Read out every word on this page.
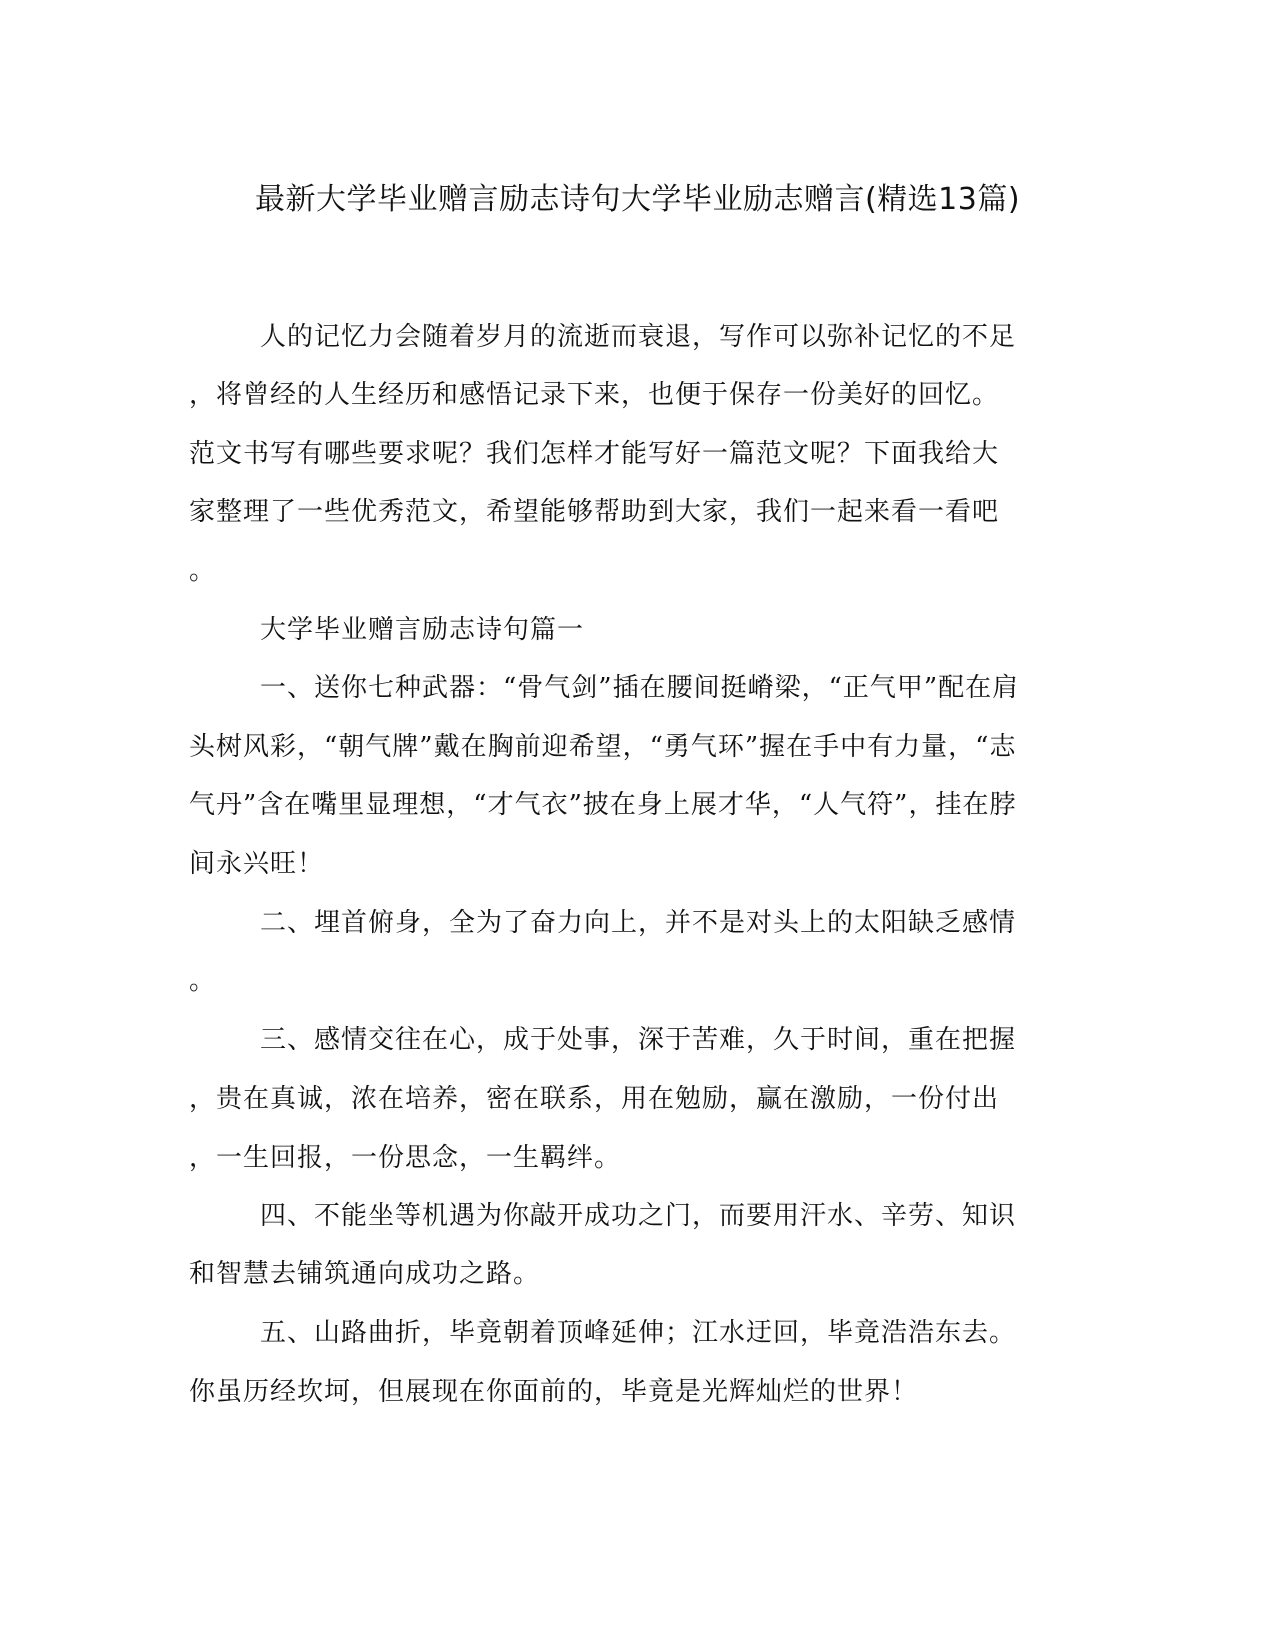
最新大学毕业赠言励志诗句大学毕业励志赠言(精选13篇)

人的记忆力会随着岁月的流逝而衰退，写作可以弥补记忆的不足

，将曾经的人生经历和感悟记录下来，也便于保存一份美好的回忆。

范文书写有哪些要求呢？我们怎样才能写好一篇范文呢？下面我给大

家整理了一些优秀范文，希望能够帮助到大家，我们一起来看一看吧

。

大学毕业赠言励志诗句篇一

一、送你七种武器：“骨气剑”插在腰间挺嵴梁，“正气甲”配在肩

头树风彩，“朝气牌”戴在胸前迎希望，“勇气环”握在手中有力量，“志

气丹”含在嘴里显理想，“才气衣”披在身上展才华，“人气符”，挂在脖

间永兴旺！

二、埋首俯身，全为了奋力向上，并不是对头上的太阳缺乏感情

。

三、感情交往在心，成于处事，深于苦难，久于时间，重在把握

，贵在真诚，浓在培养，密在联系，用在勉励，赢在激励，一份付出

，一生回报，一份思念，一生羁绊。

四、不能坐等机遇为你敲开成功之门，而要用汗水、辛劳、知识

和智慧去铺筑通向成功之路。

五、山路曲折，毕竟朝着顶峰延伸；江水迂回，毕竟浩浩东去。

你虽历经坎坷，但展现在你面前的，毕竟是光辉灿烂的世界！
